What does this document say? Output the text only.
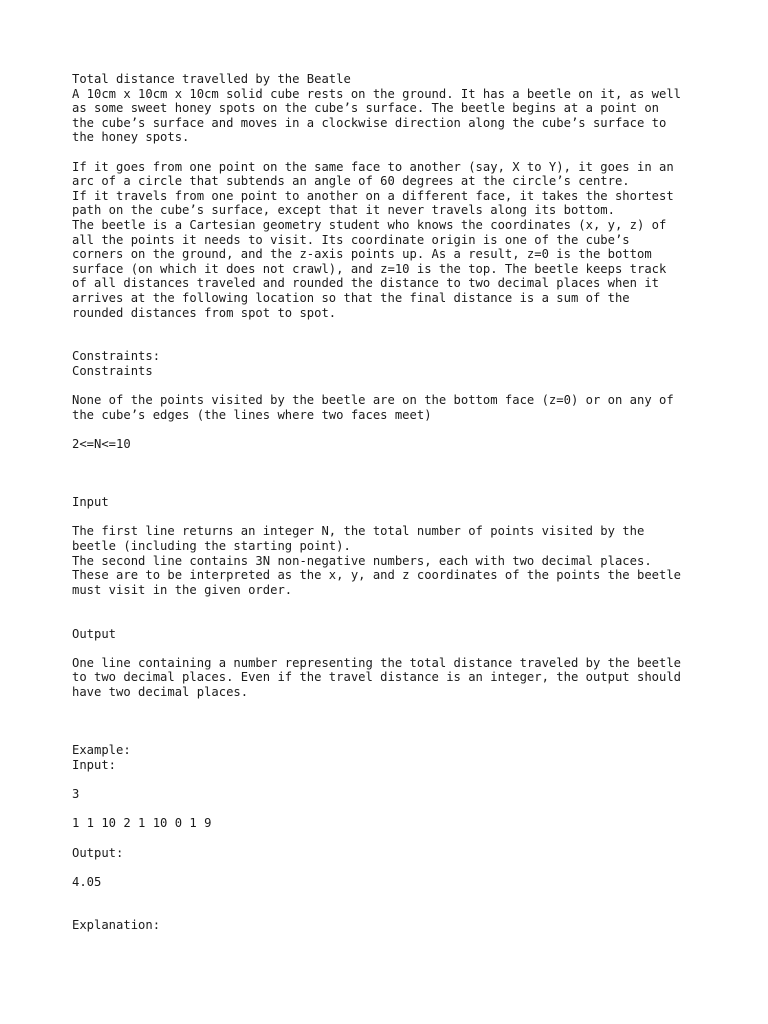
Total distance travelled by the Beatle
A 10cm x 10cm x 10cm solid cube rests on the ground. It has a beetle on it, as well
as some sweet honey spots on the cube’s surface. The beetle begins at a point on
the cube’s surface and moves in a clockwise direction along the cube’s surface to
the honey spots.
If it goes from one point on the same face to another (say, X to Y), it goes in an
arc of a circle that subtends an angle of 60 degrees at the circle’s centre.
If it travels from one point to another on a different face, it takes the shortest
path on the cube’s surface, except that it never travels along its bottom.
The beetle is a Cartesian geometry student who knows the coordinates (x, y, z) of
all the points it needs to visit. Its coordinate origin is one of the cube’s
corners on the ground, and the z-axis points up. As a result, z=0 is the bottom
surface (on which it does not crawl), and z=10 is the top. The beetle keeps track
of all distances traveled and rounded the distance to two decimal places when it
arrives at the following location so that the final distance is a sum of the
rounded distances from spot to spot.
Constraints:
Constraints
None of the points visited by the beetle are on the bottom face (z=0) or on any of
the cube’s edges (the lines where two faces meet)
2<=N<=10
Input
The first line returns an integer N, the total number of points visited by the
beetle (including the starting point).
The second line contains 3N non-negative numbers, each with two decimal places.
These are to be interpreted as the x, y, and z coordinates of the points the beetle
must visit in the given order.
Output
One line containing a number representing the total distance traveled by the beetle
to two decimal places. Even if the travel distance is an integer, the output should
have two decimal places.
Example:
Input:
3
1 1 10 2 1 10 0 1 9
Output:
4.05
Explanation:
